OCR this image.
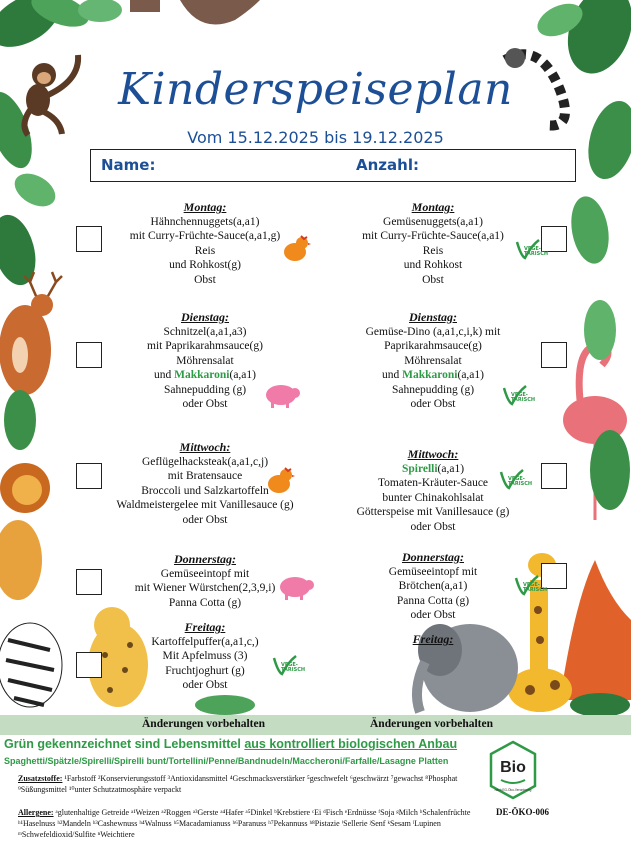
Kinderspeiseplan
Vom 15.12.2025 bis 19.12.2025
Name:	Anzahl:
Montag:
Hähnchennuggets(a,a1)
mit Curry-Früchte-Sauce(a,a1,g)
Reis
und Rohkost(g)
Obst
Dienstag:
Schnitzel(a,a1,a3)
mit Paprikarahmsauce(g)
Möhrensalat
und Makkaroni(a,a1)
Sahnepudding (g)
oder Obst
Mittwoch:
Geflügelhacksteak(a,a1,c,j)
mit Bratensauce
Broccoli und Salzkartoffeln
Waldmeistergelee mit Vanillesauce (g)
oder Obst
Donnerstag:
Gemüseeintopf mit
mit Wiener Würstchen(2,3,9,i)
Panna Cotta (g)
Freitag:
Kartoffelpuffer(a,a1,c,)
Mit Apfelmuss (3)
Fruchtjoghurt (g)
oder Obst
Montag:
Gemüsenuggets(a,a1)
mit Curry-Früchte-Sauce(a,a1)
Reis
und Rohkost
Obst
Dienstag:
Gemüse-Dino (a,a1,c,i,k) mit
Paprikarahmsauce(g)
Möhrensalat
und Makkaroni(a,a1)
Sahnepudding (g)
oder Obst
Mittwoch:
Spirelli(a,a1)
Tomaten-Kräuter-Sauce
bunter Chinakohlsalat
Götterspeise mit Vanillesauce (g)
oder Obst
Donnerstag:
Gemüseeintopf mit
Brötchen(a,a1)
Panna Cotta (g)
oder Obst
Freitag:
VEGE-
TARISCH
VEGE-
TARISCH
VEGE-
TARISCH
VEGE-
TARISCH
VEGE-
TARISCH
Änderungen vorbehalten	Änderungen vorbehalten
Grün gekennzeichnet sind Lebensmittel aus kontrolliert biologischen Anbau
Spaghetti/Spätzle/Spirelli/Spirelli bunt/Tortellini/Penne/Bandnudeln/Maccheroni/Farfalle/Lasagne Platten
Zusatzstoffe: ¹Farbstoff ²Konservierungsstoff ³Antioxidansmittel ⁴Geschmacksverstärker ⁵geschwefelt ⁶geschwärzt ⁷gewachst ⁸Phosphat ⁹Süßungsmittel ¹⁰unter Schutzatmosphäre verpackt
Allergene: ᵃglutenhaltige Getreide ᵃ¹Weizen ᵃ²Roggen ᵃ³Gerste ᵃ⁴Hafer ᵃ⁵Dinkel ᵇKrebstiere ᶜEi ᵈFisch ᵉErdnüsse ᶠSoja ᵍMilch ʰSchalenfrüchte ʰ¹Haselnuss ʰ²Mandeln ʰ³Cashewnuss ʰ⁴Walnuss ʰ⁵Macadamianuss ʰ⁶Paranuss ʰ⁷Pekannuss ʰ⁸Pistazie ⁱSellerie ʲSenf ᵏSesam ˡLupinen ᵐSchwefeldioxid/Sulfite ⁿWeichtiere
Bio
nach EG-Öko-Verordnung
DE-ÖKO-006
